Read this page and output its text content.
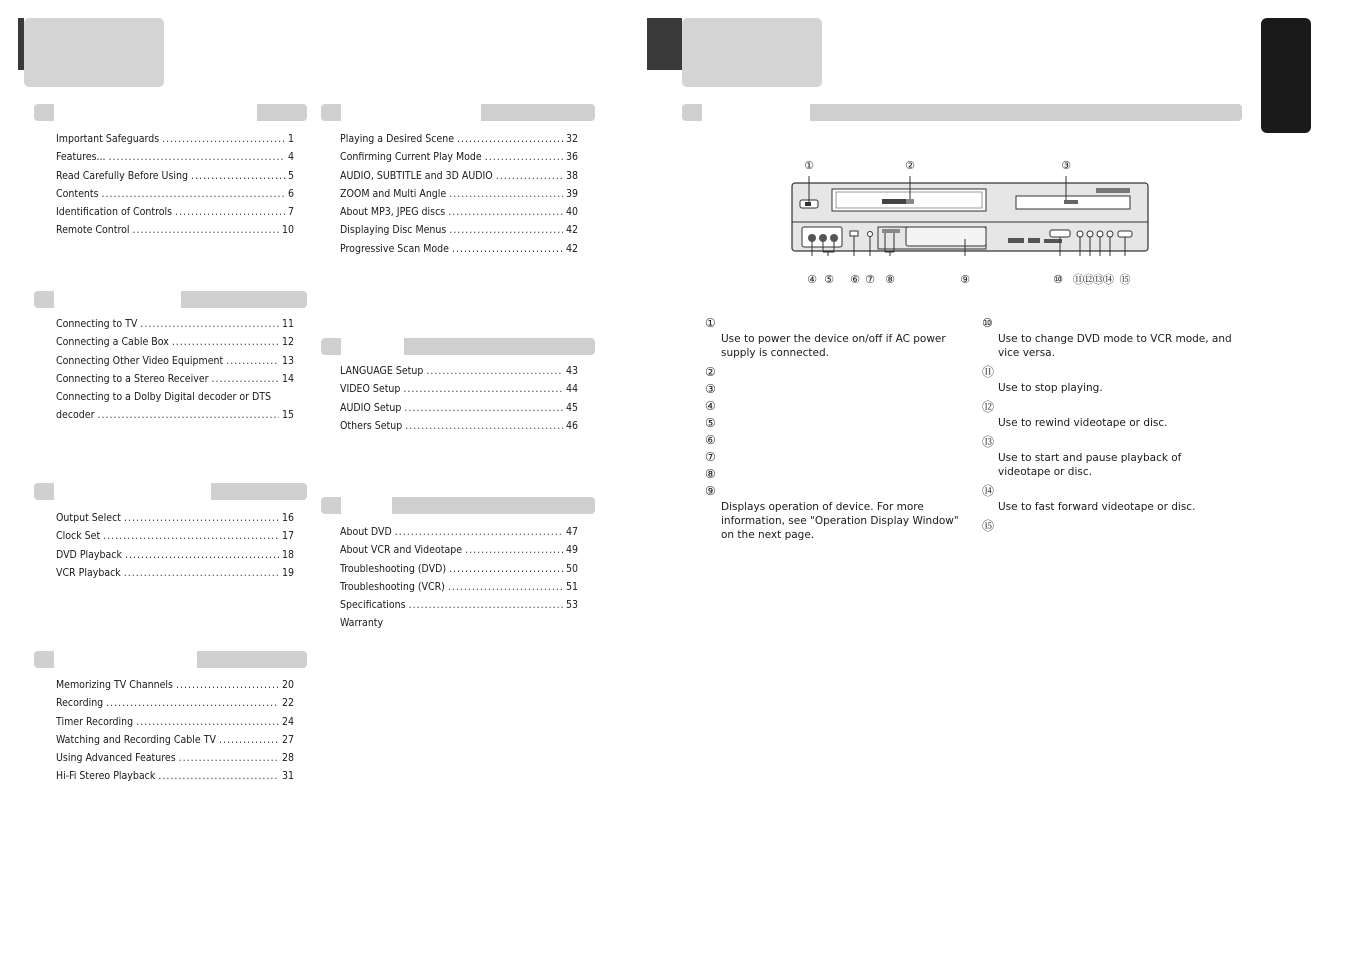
Important Safeguards .....	1
Features... .....	4
Read Carefully Before Using .....	5
Contents .....	6
Identification of Controls .....	7
Remote Control .....	10
Connecting to TV .....	11
Connecting a Cable Box .....	12
Connecting Other Video Equipment .....	13
Connecting to a Stereo Receiver .....	14
Connecting to a Dolby Digital decoder or DTS
decoder .....	15
Output Select .....	16
Clock Set .....	17
DVD Playback .....	18
VCR Playback .....	19
Memorizing TV Channels .....	20
Recording .....	22
Timer Recording .....	24
Watching and Recording Cable TV .....	27
Using Advanced Features .....	28
Hi-Fi Stereo Playback .....	31
Playing a Desired Scene .....	32
Confirming Current Play Mode .....	36
AUDIO, SUBTITLE and 3D AUDIO .....	38
ZOOM and Multi Angle .....	39
About MP3, JPEG discs .....	40
Displaying Disc Menus .....	42
Progressive Scan Mode .....	42
LANGUAGE Setup .....	43
VIDEO Setup .....	44
AUDIO Setup .....	45
Others Setup .....	46
About DVD .....	47
About VCR and Videotape .....	49
Troubleshooting (DVD) .....	50
Troubleshooting (VCR) .....	51
Specifications .....	53
Warranty
①	②	③
④ ⑤ ⑥ ⑦ ⑧	⑨	⑩ ⑪⑫⑬⑭ ⑮
①
Use to power the device on/off if AC power supply is connected.
②
③
④
⑤
⑥
⑦
⑧
⑨
Displays operation of device. For more information, see "Operation Display Window" on the next page.
⑩
Use to change DVD mode to VCR mode, and vice versa.
⑪
Use to stop playing.
⑫
Use to rewind videotape or disc.
⑬
Use to start and pause playback of videotape or disc.
⑭
Use to fast forward videotape or disc.
⑮
